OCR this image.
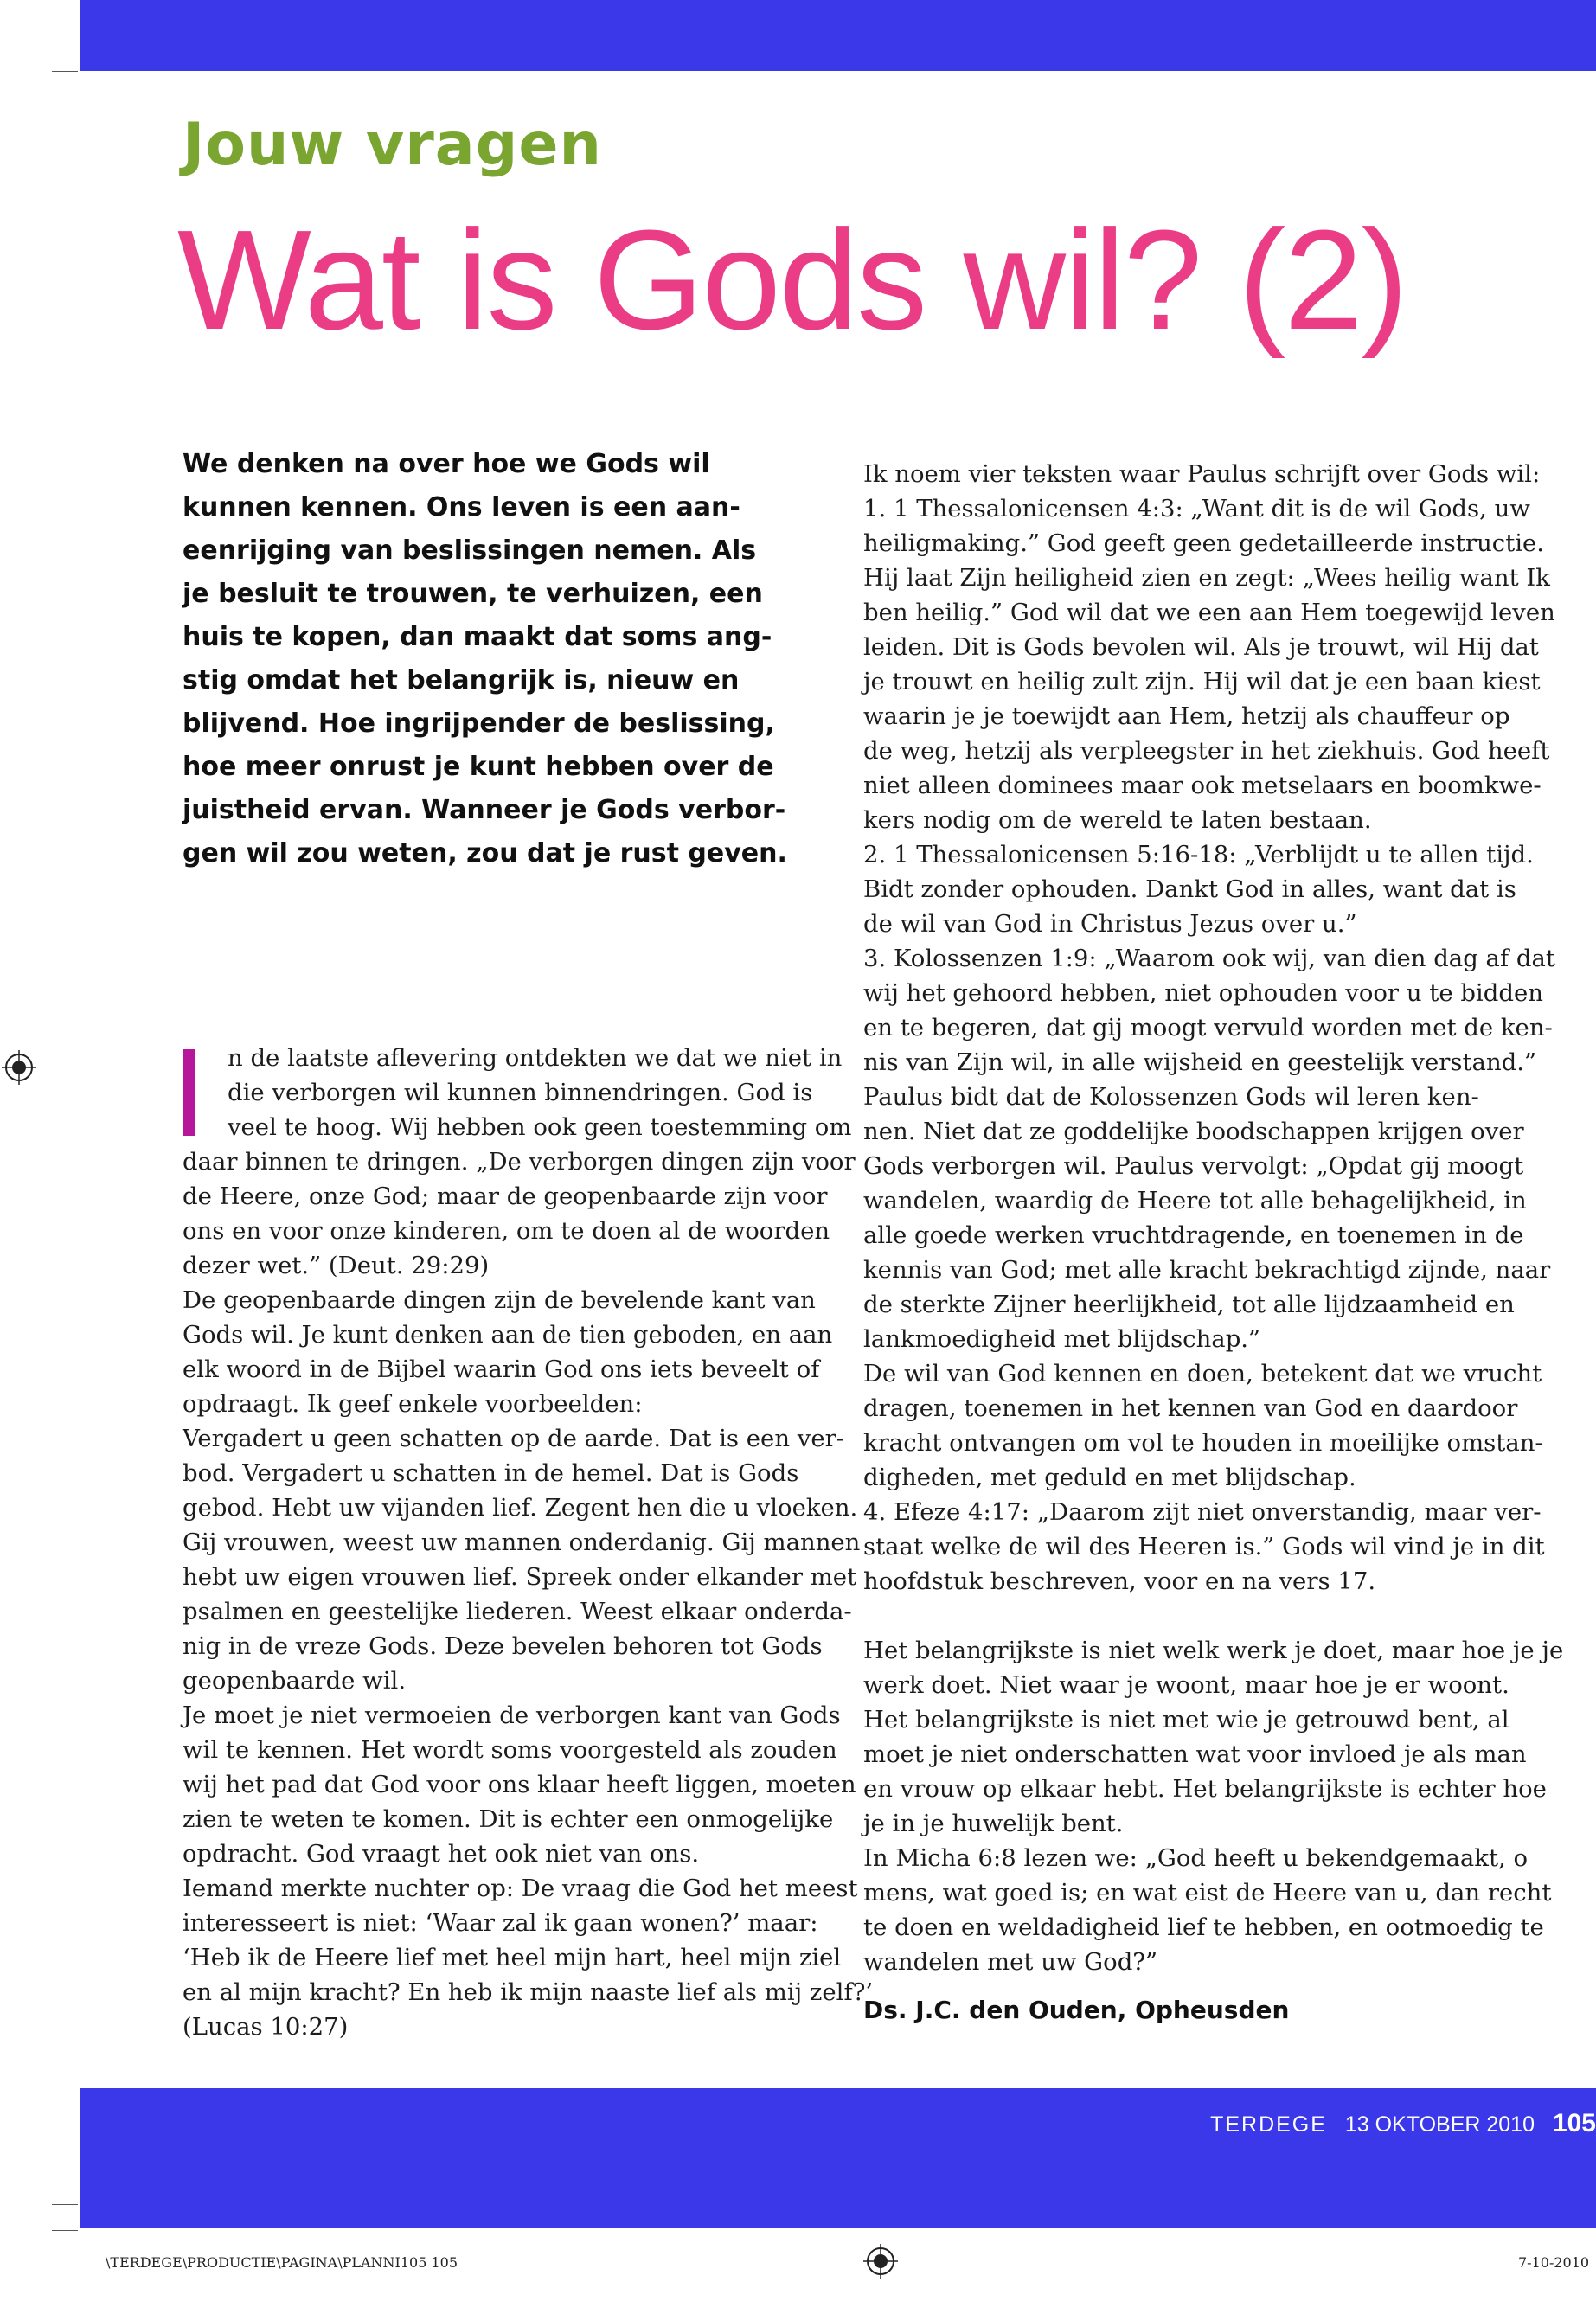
Jouw vragen
Wat is Gods wil? (2)
We denken na over hoe we Gods wil
kunnen kennen. Ons leven is een aan-
eenrijging van beslissingen nemen. Als
je besluit te trouwen, te verhuizen, een
huis te kopen, dan maakt dat soms ang-
stig omdat het belangrijk is, nieuw en
blijvend. Hoe ingrijpender de beslissing,
hoe meer onrust je kunt hebben over de
juistheid ervan. Wanneer je Gods verbor-
gen wil zou weten, zou dat je rust geven.
n de laatste aflevering ontdekten we dat we niet in
die verborgen wil kunnen binnendringen. God is
veel te hoog. Wij hebben ook geen toestemming om
daar binnen te dringen. „De verborgen dingen zijn voor
de Heere, onze God; maar de geopenbaarde zijn voor
ons en voor onze kinderen, om te doen al de woorden
dezer wet.” (Deut. 29:29)
De geopenbaarde dingen zijn de bevelende kant van
Gods wil. Je kunt denken aan de tien geboden, en aan
elk woord in de Bijbel waarin God ons iets beveelt of
opdraagt. Ik geef enkele voorbeelden:
Vergadert u geen schatten op de aarde. Dat is een ver-
bod. Vergadert u schatten in de hemel. Dat is Gods
gebod. Hebt uw vijanden lief. Zegent hen die u vloeken.
Gij vrouwen, weest uw mannen onderdanig. Gij mannen
hebt uw eigen vrouwen lief. Spreek onder elkander met
psalmen en geestelijke liederen. Weest elkaar onderda-
nig in de vreze Gods. Deze bevelen behoren tot Gods
geopenbaarde wil.
Je moet je niet vermoeien de verborgen kant van Gods
wil te kennen. Het wordt soms voorgesteld als zouden
wij het pad dat God voor ons klaar heeft liggen, moeten
zien te weten te komen. Dit is echter een onmogelijke
opdracht. God vraagt het ook niet van ons.
Iemand merkte nuchter op: De vraag die God het meest
interesseert is niet: ‘Waar zal ik gaan wonen?’ maar:
‘Heb ik de Heere lief met heel mijn hart, heel mijn ziel
en al mijn kracht? En heb ik mijn naaste lief als mij zelf?’
(Lucas 10:27)
Ik noem vier teksten waar Paulus schrijft over Gods wil:
1. 1 Thessalonicensen 4:3: „Want dit is de wil Gods, uw
heiligmaking.” God geeft geen gedetailleerde instructie.
Hij laat Zijn heiligheid zien en zegt: „Wees heilig want Ik
ben heilig.” God wil dat we een aan Hem toegewijd leven
leiden. Dit is Gods bevolen wil. Als je trouwt, wil Hij dat
je trouwt en heilig zult zijn. Hij wil dat je een baan kiest
waarin je je toewijdt aan Hem, hetzij als chauffeur op
de weg, hetzij als verpleegster in het ziekhuis. God heeft
niet alleen dominees maar ook metselaars en boomkwe-
kers nodig om de wereld te laten bestaan.
2. 1 Thessalonicensen 5:16-18: „Verblijdt u te allen tijd.
Bidt zonder ophouden. Dankt God in alles, want dat is
de wil van God in Christus Jezus over u.”
3. Kolossenzen 1:9: „Waarom ook wij, van dien dag af dat
wij het gehoord hebben, niet ophouden voor u te bidden
en te begeren, dat gij moogt vervuld worden met de ken-
nis van Zijn wil, in alle wijsheid en geestelijk verstand.”
Paulus bidt dat de Kolossenzen Gods wil leren ken-
nen. Niet dat ze goddelijke boodschappen krijgen over
Gods verborgen wil. Paulus vervolgt: „Opdat gij moogt
wandelen, waardig de Heere tot alle behagelijkheid, in
alle goede werken vruchtdragende, en toenemen in de
kennis van God; met alle kracht bekrachtigd zijnde, naar
de sterkte Zijner heerlijkheid, tot alle lijdzaamheid en
lankmoedigheid met blijdschap.”
De wil van God kennen en doen, betekent dat we vrucht
dragen, toenemen in het kennen van God en daardoor
kracht ontvangen om vol te houden in moeilijke omstan-
digheden, met geduld en met blijdschap.
4. Efeze 4:17: „Daarom zijt niet onverstandig, maar ver-
staat welke de wil des Heeren is.” Gods wil vind je in dit
hoofdstuk beschreven, voor en na vers 17.
Het belangrijkste is niet welk werk je doet, maar hoe je je
werk doet. Niet waar je woont, maar hoe je er woont.
Het belangrijkste is niet met wie je getrouwd bent, al
moet je niet onderschatten wat voor invloed je als man
en vrouw op elkaar hebt. Het belangrijkste is echter hoe
je in je huwelijk bent.
In Micha 6:8 lezen we: „God heeft u bekendgemaakt, o
mens, wat goed is; en wat eist de Heere van u, dan recht
te doen en weldadigheid lief te hebben, en ootmoedig te
wandelen met uw God?”
Ds. J.C. den Ouden, Opheusden
TERDEGE 13 OKTOBER 2010 105
\TERDEGE\PRODUCTIE\PAGINA\PLANNI105 105	7-10-2010
